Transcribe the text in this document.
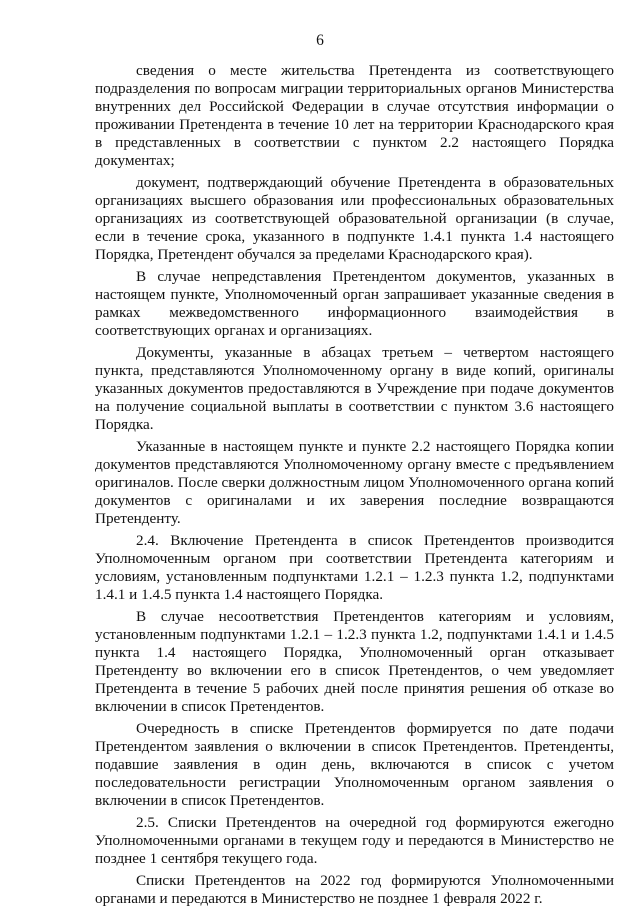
6

сведения о месте жительства Претендента из соответствующего подразделения по вопросам миграции территориальных органов Министерства внутренних дел Российской Федерации в случае отсутствия информации о проживании Претендента в течение 10 лет на территории Краснодарского края в представленных в соответствии с пунктом 2.2 настоящего Порядка документах;

документ, подтверждающий обучение Претендента в образовательных организациях высшего образования или профессиональных образовательных организациях из соответствующей образовательной организации (в случае, если в течение срока, указанного в подпункте 1.4.1 пункта 1.4 настоящего Порядка, Претендент обучался за пределами Краснодарского края).

В случае непредставления Претендентом документов, указанных в настоящем пункте, Уполномоченный орган запрашивает указанные сведения в рамках межведомственного информационного взаимодействия в соответствующих органах и организациях.

Документы, указанные в абзацах третьем – четвертом настоящего пункта, представляются Уполномоченному органу в виде копий, оригиналы указанных документов предоставляются в Учреждение при подаче документов на получение социальной выплаты в соответствии с пунктом 3.6 настоящего Порядка.

Указанные в настоящем пункте и пункте 2.2 настоящего Порядка копии документов представляются Уполномоченному органу вместе с предъявлением оригиналов. После сверки должностным лицом Уполномоченного органа копий документов с оригиналами и их заверения последние возвращаются Претенденту.

2.4. Включение Претендента в список Претендентов производится Уполномоченным органом при соответствии Претендента категориям и условиям, установленным подпунктами 1.2.1 – 1.2.3 пункта 1.2, подпунктами 1.4.1 и 1.4.5 пункта 1.4 настоящего Порядка.

В случае несоответствия Претендентов категориям и условиям, установленным подпунктами 1.2.1 – 1.2.3 пункта 1.2, подпунктами 1.4.1 и 1.4.5 пункта 1.4 настоящего Порядка, Уполномоченный орган отказывает Претенденту во включении его в список Претендентов, о чем уведомляет Претендента в течение 5 рабочих дней после принятия решения об отказе во включении в список Претендентов.

Очередность в списке Претендентов формируется по дате подачи Претендентом заявления о включении в список Претендентов. Претенденты, подавшие заявления в один день, включаются в список с учетом последовательности регистрации Уполномоченным органом заявления о включении в список Претендентов.

2.5. Списки Претендентов на очередной год формируются ежегодно Уполномоченными органами в текущем году и передаются в Министерство не позднее 1 сентября текущего года.

Списки Претендентов на 2022 год формируются Уполномоченными органами и передаются в Министерство не позднее 1 февраля 2022 г.
